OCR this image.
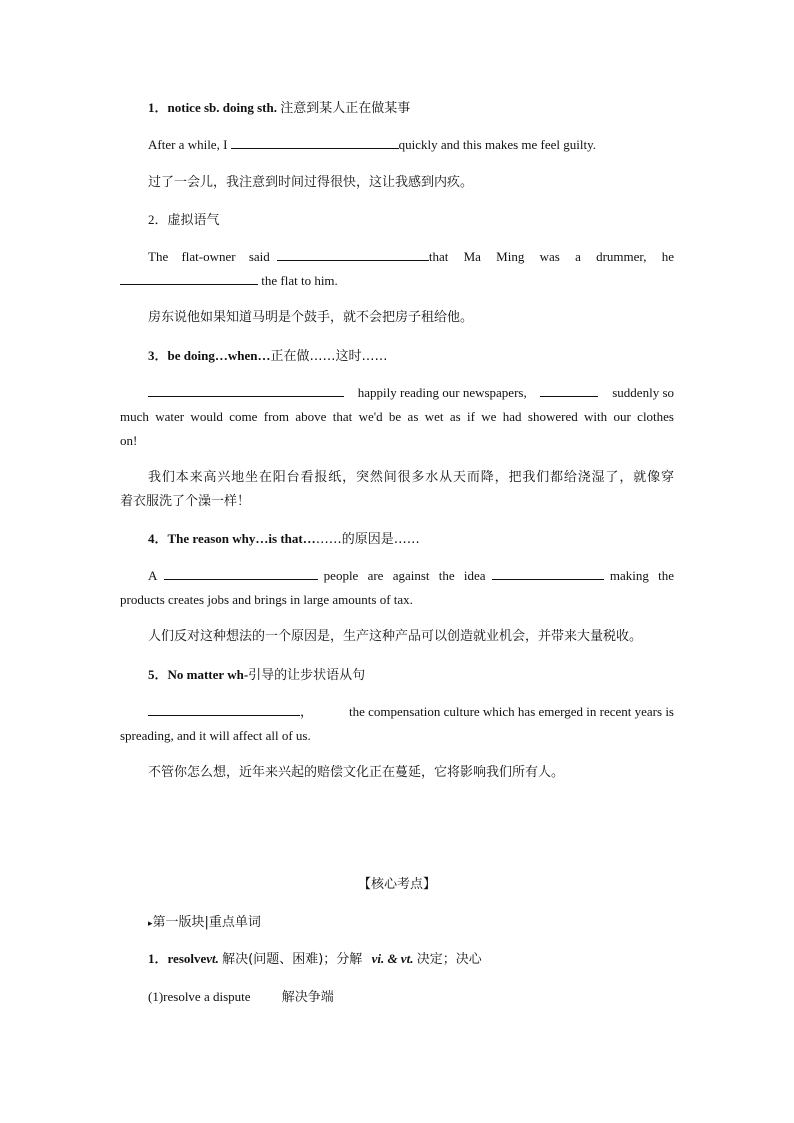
1．notice sb. doing sth. 注意到某人正在做某事
After a while, I	quickly and this makes me feel guilty.
过了一会儿，我注意到时间过得很快，这让我感到内疚。
2．虚拟语气
The flat-owner said	that Ma Ming was a drummer, he
the flat to him.
房东说他如果知道马明是个鼓手，就不会把房子租给他。
3．be doing…when…正在做……这时……
happily reading our newspapers,	suddenly so
much water would come from above that we'd be as wet as if we had showered with our clothes
on!
我们本来高兴地坐在阳台看报纸，突然间很多水从天而降，把我们都给浇湿了，就像穿
着衣服洗了个澡一样！
4．The reason why…is that………的原因是……
A	people are against the idea	making the
products creates jobs and brings in large amounts of tax.
人们反对这种想法的一个原因是，生产这种产品可以创造就业机会，并带来大量税收。
5．No matter wh-引导的让步状语从句
，	the compensation culture which has emerged in recent years is
spreading, and it will affect all of us.
不管你怎么想，近年来兴起的赔偿文化正在蔓延，它将影响我们所有人。
【核心考点】
▸第一版块|重点单词
1．resolvevt. 解决(问题、困难)；分解 vi. & vt. 决定；决心
(1)resolve a dispute 解决争端
